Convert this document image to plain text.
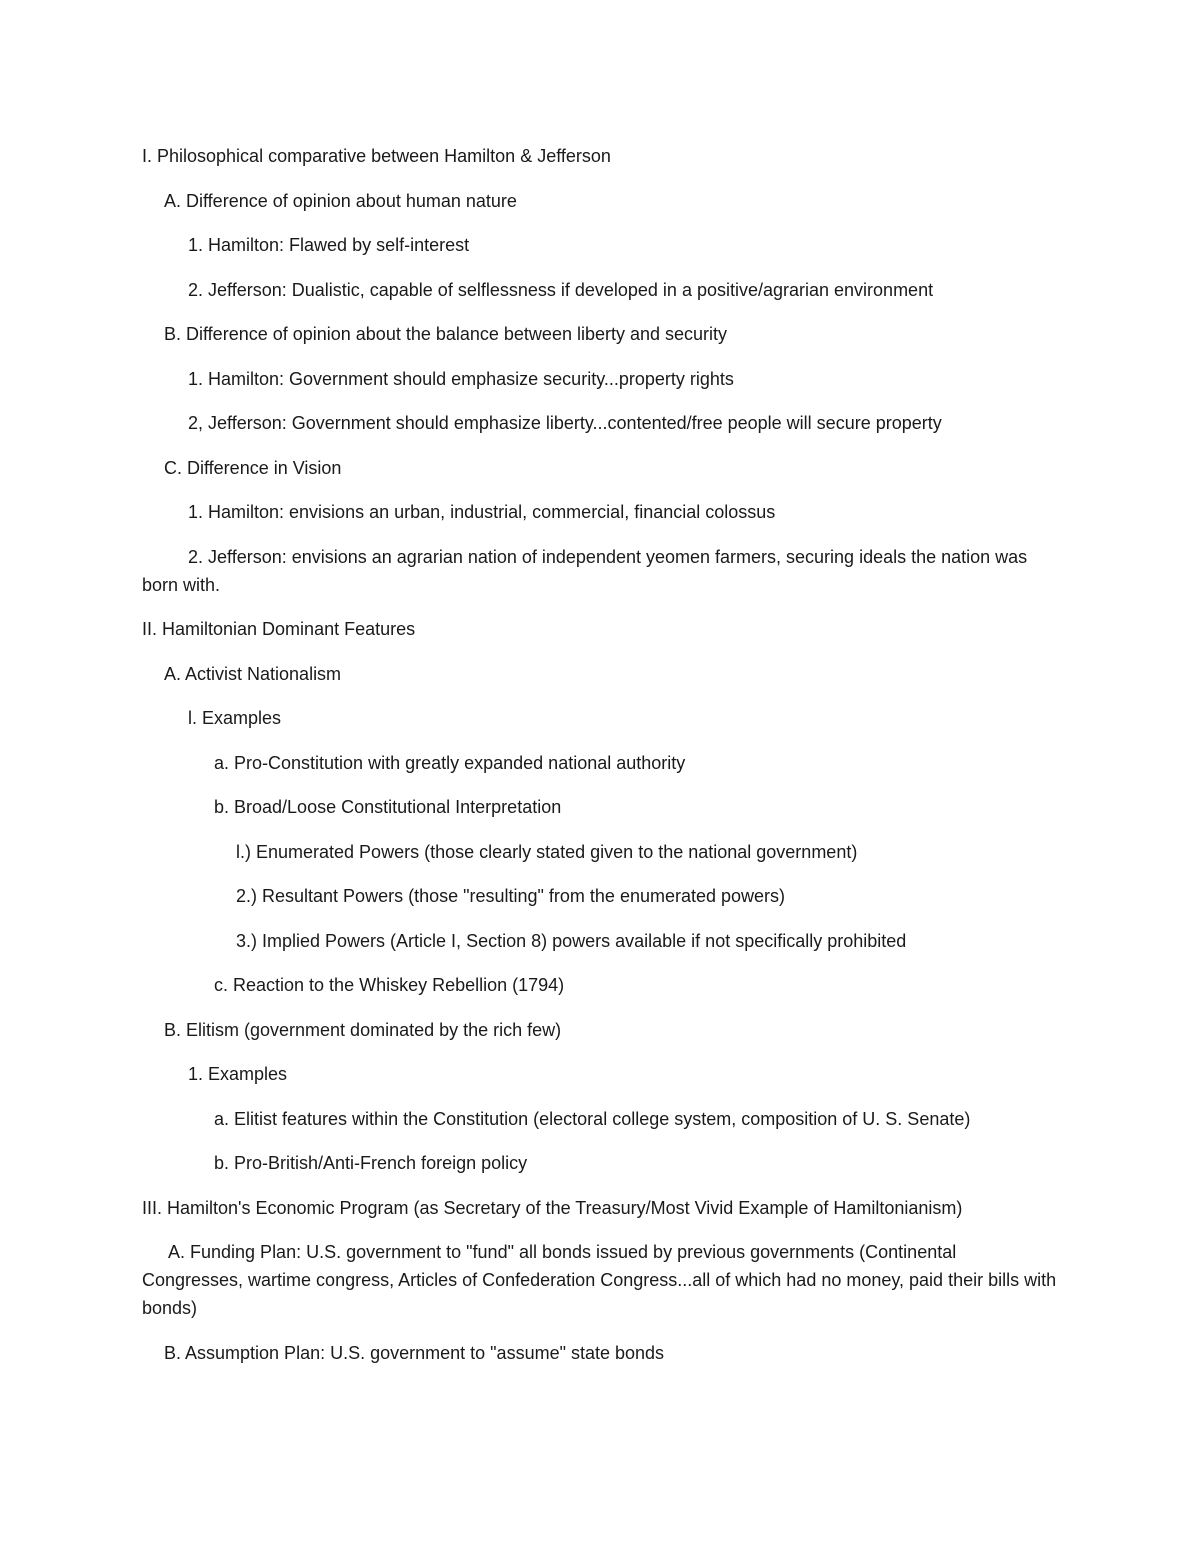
I. Philosophical comparative between Hamilton & Jefferson
A. Difference of opinion about human nature
1. Hamilton: Flawed by self-interest
2. Jefferson: Dualistic, capable of selflessness if developed in a positive/agrarian environment
B. Difference of opinion about the balance between liberty and security
1. Hamilton: Government should emphasize security...property rights
2, Jefferson: Government should emphasize liberty...contented/free people will secure property
C. Difference in Vision
1. Hamilton: envisions an urban, industrial, commercial, financial colossus
2. Jefferson: envisions an agrarian nation of independent yeomen farmers, securing ideals the nation was born with.
II. Hamiltonian Dominant Features
A. Activist Nationalism
l. Examples
a. Pro-Constitution with greatly expanded national authority
b. Broad/Loose Constitutional Interpretation
l.) Enumerated Powers (those clearly stated given to the national government)
2.) Resultant Powers (those "resulting" from the enumerated powers)
3.) Implied Powers (Article I, Section 8) powers available if not specifically prohibited
c. Reaction to the Whiskey Rebellion (1794)
B. Elitism (government dominated by the rich few)
1. Examples
a. Elitist features within the Constitution (electoral college system, composition of U. S. Senate)
b. Pro-British/Anti-French foreign policy
III. Hamilton's Economic Program (as Secretary of the Treasury/Most Vivid Example of Hamiltonianism)
A. Funding Plan: U.S. government to "fund" all bonds issued by previous governments (Continental Congresses, wartime congress, Articles of Confederation Congress...all of which had no money, paid their bills with bonds)
B. Assumption Plan: U.S. government to "assume" state bonds
